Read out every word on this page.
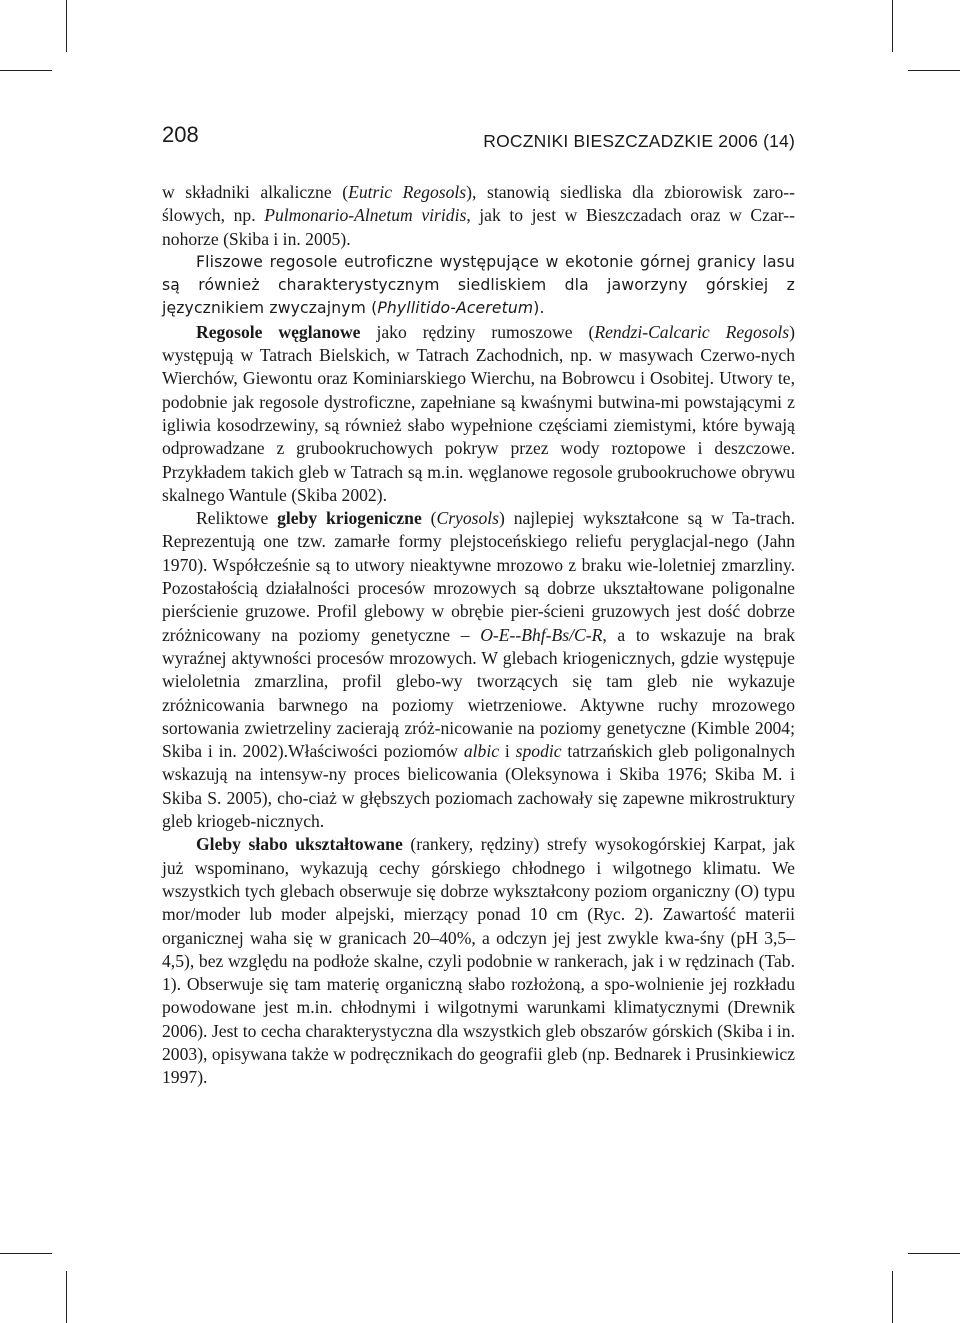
208	ROCZNIKI BIESZCZADZKIE 2006 (14)

w składniki alkaliczne (Eutric Regosols), stanowią siedliska dla zbiorowisk zaro-ślowych, np. Pulmonario-Alnetum viridis, jak to jest w Bieszczadach oraz w Czar-nohorze (Skiba i in. 2005).

Fliszowe regosole eutroficzne występujące w ekotonie górnej granicy lasu są również charakterystycznym siedliskiem dla jaworzyny górskiej z języcznikiem zwyczajnym (Phyllitido-Aceretum).

Regosole węglanowe jako rędziny rumoszowe (Rendzi-Calcaric Regosols) występują w Tatrach Bielskich, w Tatrach Zachodnich, np. w masywach Czerwo-nych Wierchów, Giewontu oraz Kominiarskiego Wierchu, na Bobrowcu i Osobitej. Utwory te, podobnie jak regosole dystroficzne, zapełniane są kwaśnymi butwina-mi powstającymi z igliwia kosodrzewiny, są również słabo wypełnione częściami ziemistymi, które bywają odprowadzane z grubookruchowych pokryw przez wody roztopowe i deszczowe. Przykładem takich gleb w Tatrach są m.in. węglanowe regosole grubookruchowe obrywu skalnego Wantule (Skiba 2002).

Reliktowe gleby kriogeniczne (Cryosols) najlepiej wykształcone są w Ta-trach. Reprezentują one tzw. zamarłe formy plejstoceńskiego reliefu peryglacjal-nego (Jahn 1970). Współcześnie są to utwory nieaktywne mrozowo z braku wie-loletniej zmarzliny. Pozostałością działalności procesów mrozowych są dobrze ukształtowane poligonalne pierścienie gruzowe. Profil glebowy w obrębie pier-ścieni gruzowych jest dość dobrze zróżnicowany na poziomy genetyczne – O-E--Bhf-Bs/C-R, a to wskazuje na brak wyraźnej aktywności procesów mrozowych. W glebach kriogenicznych, gdzie występuje wieloletnia zmarzlina, profil glebo-wy tworzących się tam gleb nie wykazuje zróżnicowania barwnego na poziomy wietrzeniowe. Aktywne ruchy mrozowego sortowania zwietrzeliny zacierają zróż-nicowanie na poziomy genetyczne (Kimble 2004; Skiba i in. 2002).Właściwości poziomów albic i spodic tatrzańskich gleb poligonalnych wskazują na intensyw-ny proces bielicowania (Oleksynowa i Skiba 1976; Skiba M. i Skiba S. 2005), cho-ciaż w głębszych poziomach zachowały się zapewne mikrostruktury gleb kriogeb-nicznych.

Gleby słabo ukształtowane (rankery, rędziny) strefy wysokogórskiej Karpat, jak już wspominano, wykazują cechy górskiego chłodnego i wilgotnego klimatu. We wszystkich tych glebach obserwuje się dobrze wykształcony poziom organiczny (O) typu mor/moder lub moder alpejski, mierzący ponad 10 cm (Ryc. 2). Zawartość materii organicznej waha się w granicach 20–40%, a odczyn jej jest zwykle kwa-śny (pH 3,5–4,5), bez względu na podłoże skalne, czyli podobnie w rankerach, jak i w rędzinach (Tab. 1). Obserwuje się tam materię organiczną słabo rozłożoną, a spo-wolnienie jej rozkładu powodowane jest m.in. chłodnymi i wilgotnymi warunkami klimatycznymi (Drewnik 2006). Jest to cecha charakterystyczna dla wszystkich gleb obszarów górskich (Skiba i in. 2003), opisywana także w podręcznikach do geografii gleb (np. Bednarek i Prusinkiewicz 1997).
